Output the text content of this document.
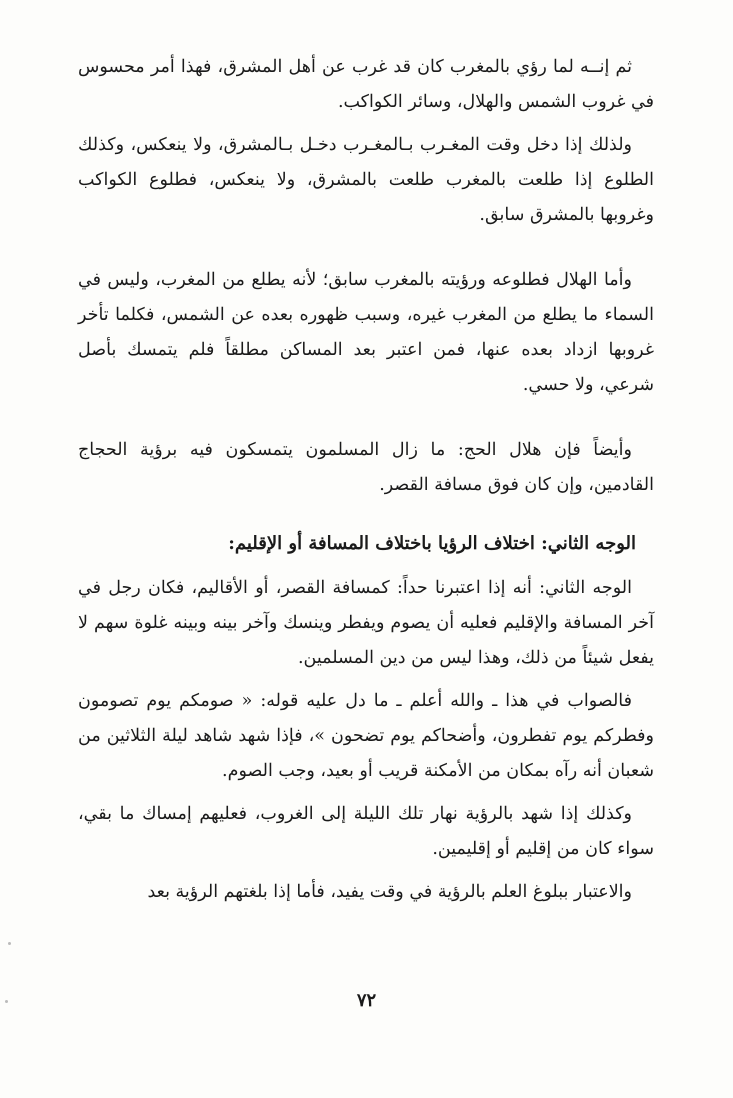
ثم إنــه لما رؤي بالمغرب كان قد غرب عن أهل المشرق، فهذا أمر محسوس في غروب الشمس والهلال، وسائر الكواكب.

ولذلك إذا دخل وقت المغـرب بـالمغـرب دخـل بـالمشرق، ولا ينعكس، وكذلك الطلوع إذا طلعت بالمغرب طلعت بالمشرق، ولا ينعكس، فطلوع الكواكب وغروبها بالمشرق سابق.

وأما الهلال فطلوعه ورؤيته بالمغرب سابق؛ لأنه يطلع من المغرب، وليس في السماء ما يطلع من المغرب غيره، وسبب ظهوره بعده عن الشمس، فكلما تأخر غروبها ازداد بعده عنها، فمن اعتبر بعد المساكن مطلقاً فلم يتمسك بأصل شرعي، ولا حسي.

وأيضاً فإن هلال الحج: ما زال المسلمون يتمسكون فيه برؤية الحجاج القادمين، وإن كان فوق مسافة القصر.

الوجه الثاني: اختلاف الرؤيا باختلاف المسافة أو الإقليم:

الوجه الثاني: أنه إذا اعتبرنا حداً: كمسافة القصر، أو الأقاليم، فكان رجل في آخر المسافة والإقليم فعليه أن يصوم ويفطر وينسك وآخر بينه وبينه غلوة سهم لا يفعل شيئاً من ذلك، وهذا ليس من دين المسلمين.

فالصواب في هذا ـ والله أعلم ـ ما دل عليه قوله: « صومكم يوم تصومون وفطركم يوم تفطرون، وأضحاكم يوم تضحون »، فإذا شهد شاهد ليلة الثلاثين من شعبان أنه رآه بمكان من الأمكنة قريب أو بعيد، وجب الصوم.

وكذلك إذا شهد بالرؤية نهار تلك الليلة إلى الغروب، فعليهم إمساك ما بقي، سواء كان من إقليم أو إقليمين.

والاعتبار ببلوغ العلم بالرؤية في وقت يفيد، فأما إذا بلغتهم الرؤية بعد

٧٢
